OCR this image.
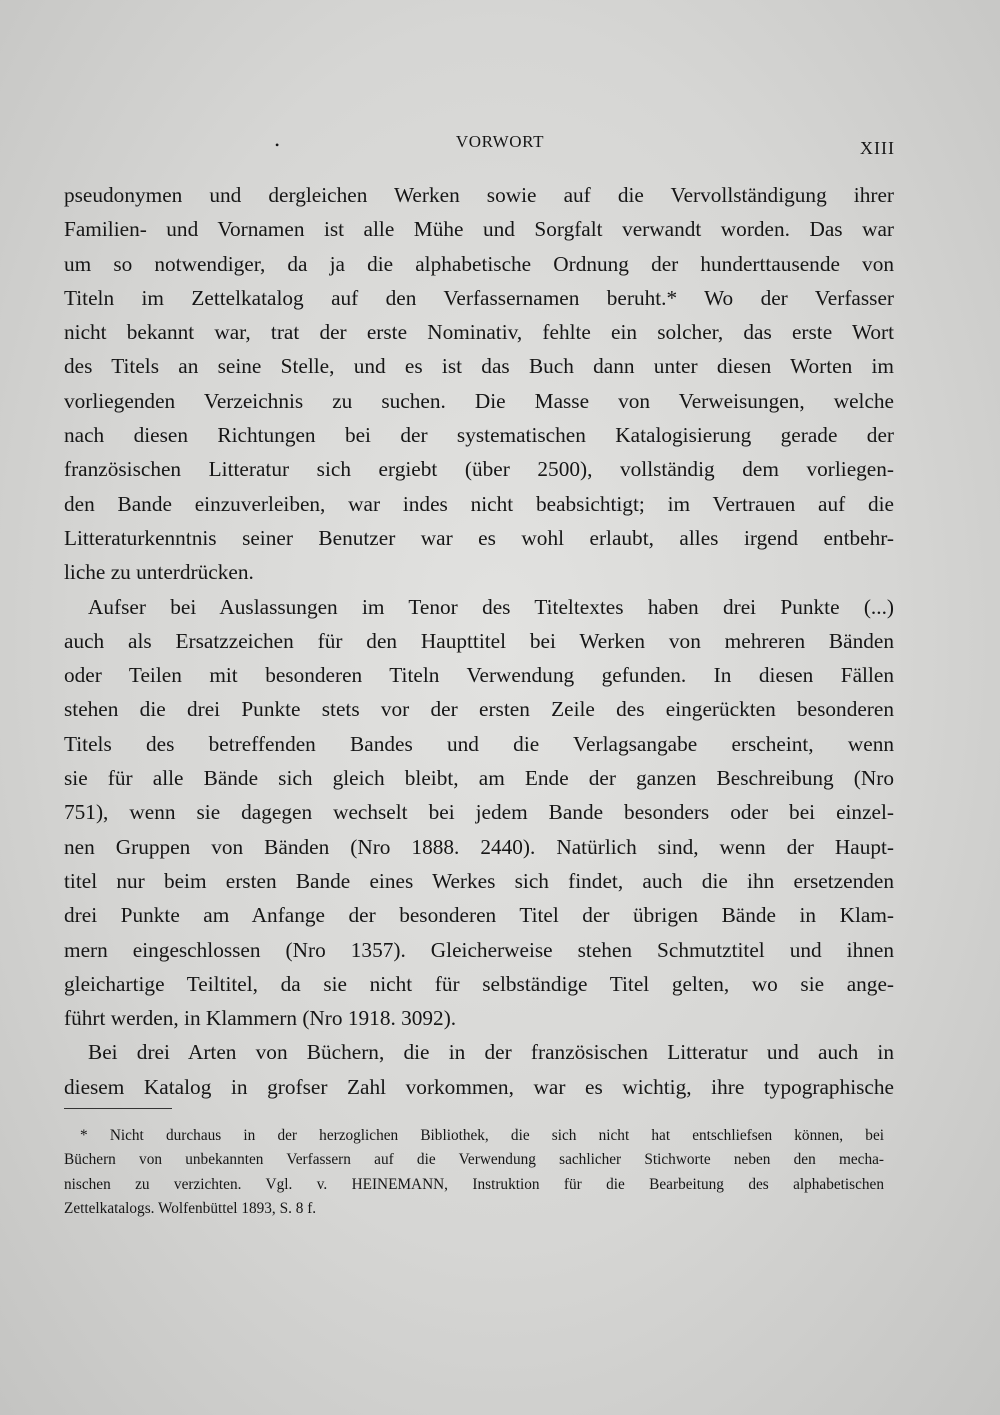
•	VORWORT	XIII
pseudonymen und dergleichen Werken sowie auf die Vervollständigung ihrer
Familien- und Vornamen ist alle Mühe und Sorgfalt verwandt worden. Das war
um so notwendiger, da ja die alphabetische Ordnung der hunderttausende von
Titeln im Zettelkatalog auf den Verfassernamen beruht.* Wo der Verfasser
nicht bekannt war, trat der erste Nominativ, fehlte ein solcher, das erste Wort
des Titels an seine Stelle, und es ist das Buch dann unter diesen Worten im
vorliegenden Verzeichnis zu suchen. Die Masse von Verweisungen, welche
nach diesen Richtungen bei der systematischen Katalogisierung gerade der
französischen Litteratur sich ergiebt (über 2500), vollständig dem vorliegen-
den Bande einzuverleiben, war indes nicht beabsichtigt; im Vertrauen auf die
Litteraturkenntnis seiner Benutzer war es wohl erlaubt, alles irgend entbehr-
liche zu unterdrücken.
Aufser bei Auslassungen im Tenor des Titeltextes haben drei Punkte (...)
auch als Ersatzzeichen für den Haupttitel bei Werken von mehreren Bänden
oder Teilen mit besonderen Titeln Verwendung gefunden. In diesen Fällen
stehen die drei Punkte stets vor der ersten Zeile des eingerückten besonderen
Titels des betreffenden Bandes und die Verlagsangabe erscheint, wenn
sie für alle Bände sich gleich bleibt, am Ende der ganzen Beschreibung (Nro
751), wenn sie dagegen wechselt bei jedem Bande besonders oder bei einzel-
nen Gruppen von Bänden (Nro 1888. 2440). Natürlich sind, wenn der Haupt-
titel nur beim ersten Bande eines Werkes sich findet, auch die ihn ersetzenden
drei Punkte am Anfange der besonderen Titel der übrigen Bände in Klam-
mern eingeschlossen (Nro 1357). Gleicherweise stehen Schmutztitel und ihnen
gleichartige Teiltitel, da sie nicht für selbständige Titel gelten, wo sie ange-
führt werden, in Klammern (Nro 1918. 3092).
Bei drei Arten von Büchern, die in der französischen Litteratur und auch in
diesem Katalog in grofser Zahl vorkommen, war es wichtig, ihre typographische
* Nicht durchaus in der herzoglichen Bibliothek, die sich nicht hat entschliefsen können, bei
Büchern von unbekannten Verfassern auf die Verwendung sachlicher Stichworte neben den mecha-
nischen zu verzichten. Vgl. v. HEINEMANN, Instruktion für die Bearbeitung des alphabetischen
Zettelkatalogs. Wolfenbüttel 1893, S. 8 f.
